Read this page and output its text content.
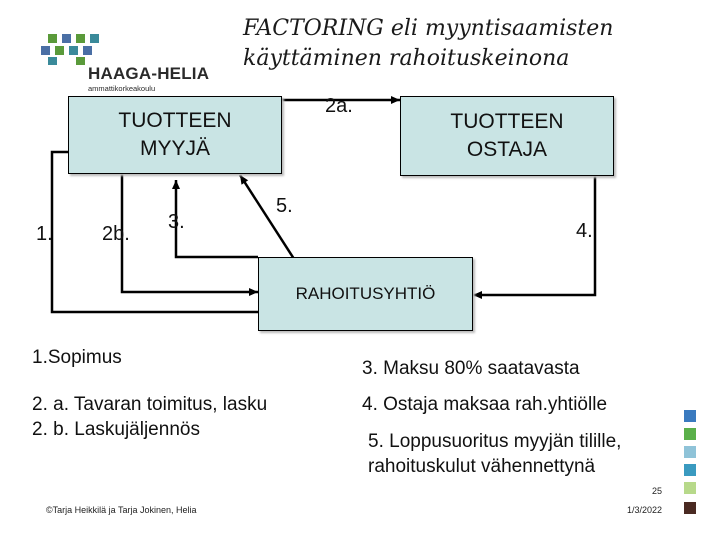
FACTORING eli myyntisaamisten
käyttäminen rahoituskeinona
HAAGA-HELIA
ammattikorkeakoulu
TUOTTEEN
MYYJÄ
TUOTTEEN
OSTAJA
RAHOITUSYHTIÖ
2a.
1. 2b.
3.
5.
4.
1.Sopimus
2. a. Tavaran toimitus, lasku
2. b. Laskujäljennös
3. Maksu 80% saatavasta
4. Ostaja maksaa rah.yhtiölle
5. Loppusuoritus myyjän tilille,
rahoituskulut vähennettynä
©Tarja Heikkilä ja Tarja Jokinen, Helia
25
1/3/2022
